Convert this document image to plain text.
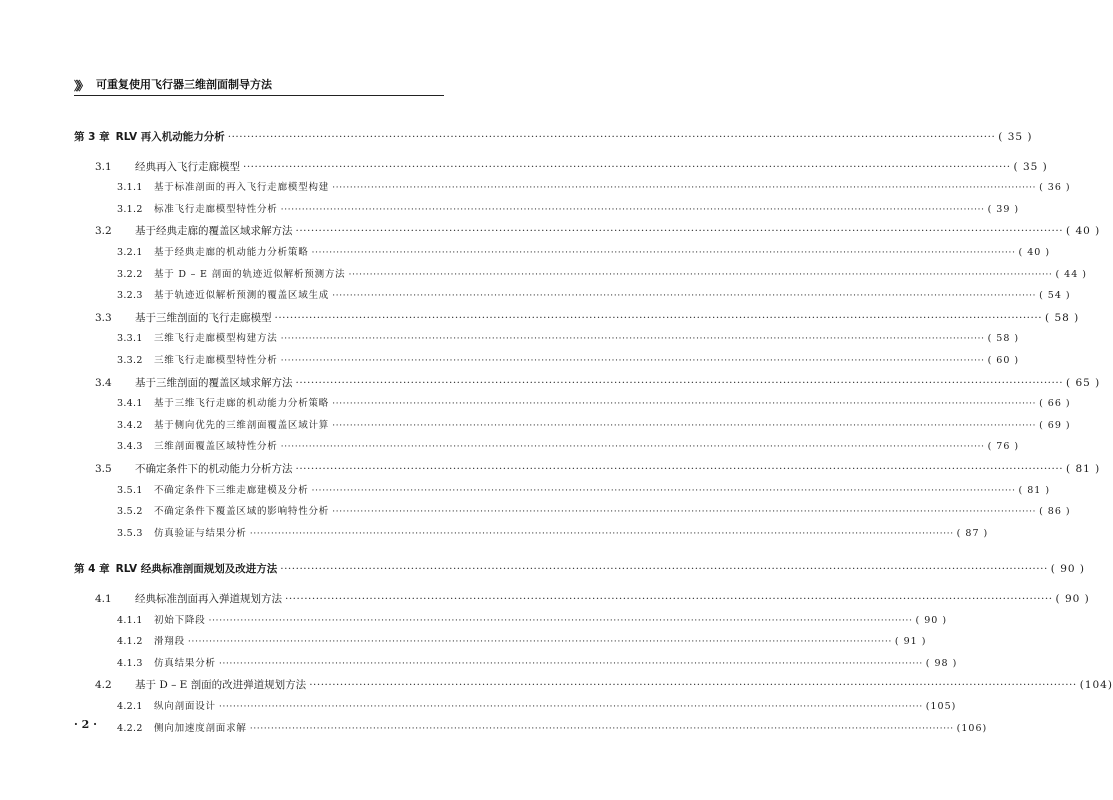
》》 可重复使用飞行器三维剖面制导方法
第 3 章 RLV 再入机动能力分析 ········································································································································································································ ( 35 )
3.1	经典再入飞行走廊模型 ········································································································································································································ ( 35 )
3.1.1	基于标准剖面的再入飞行走廊模型构建 ········································································································································································································ ( 36 )
3.1.2	标准飞行走廊模型特性分析 ········································································································································································································ ( 39 )
3.2	基于经典走廊的覆盖区域求解方法 ········································································································································································································ ( 40 )
3.2.1	基于经典走廊的机动能力分析策略 ········································································································································································································ ( 40 )
3.2.2	基于 D – E 剖面的轨迹近似解析预测方法 ········································································································································································································ ( 44 )
3.2.3	基于轨迹近似解析预测的覆盖区域生成 ········································································································································································································ ( 54 )
3.3	基于三维剖面的飞行走廊模型 ········································································································································································································ ( 58 )
3.3.1	三维飞行走廊模型构建方法 ········································································································································································································ ( 58 )
3.3.2	三维飞行走廊模型特性分析 ········································································································································································································ ( 60 )
3.4	基于三维剖面的覆盖区域求解方法 ········································································································································································································ ( 65 )
3.4.1	基于三维飞行走廊的机动能力分析策略 ········································································································································································································ ( 66 )
3.4.2	基于侧向优先的三维剖面覆盖区域计算 ········································································································································································································ ( 69 )
3.4.3	三维剖面覆盖区域特性分析 ········································································································································································································ ( 76 )
3.5	不确定条件下的机动能力分析方法 ········································································································································································································ ( 81 )
3.5.1	不确定条件下三维走廊建模及分析 ········································································································································································································ ( 81 )
3.5.2	不确定条件下覆盖区域的影响特性分析 ········································································································································································································ ( 86 )
3.5.3	仿真验证与结果分析 ········································································································································································································ ( 87 )
第 4 章 RLV 经典标准剖面规划及改进方法 ········································································································································································································ ( 90 )
4.1	经典标准剖面再入弹道规划方法 ········································································································································································································ ( 90 )
4.1.1	初始下降段 ········································································································································································································ ( 90 )
4.1.2	滑翔段 ········································································································································································································ ( 91 )
4.1.3	仿真结果分析 ········································································································································································································ ( 98 )
4.2	基于 D – E 剖面的改进弹道规划方法 ········································································································································································································ (104)
4.2.1	纵向剖面设计 ········································································································································································································ (105)
4.2.2	侧向加速度剖面求解 ········································································································································································································ (106)
· 2 ·
